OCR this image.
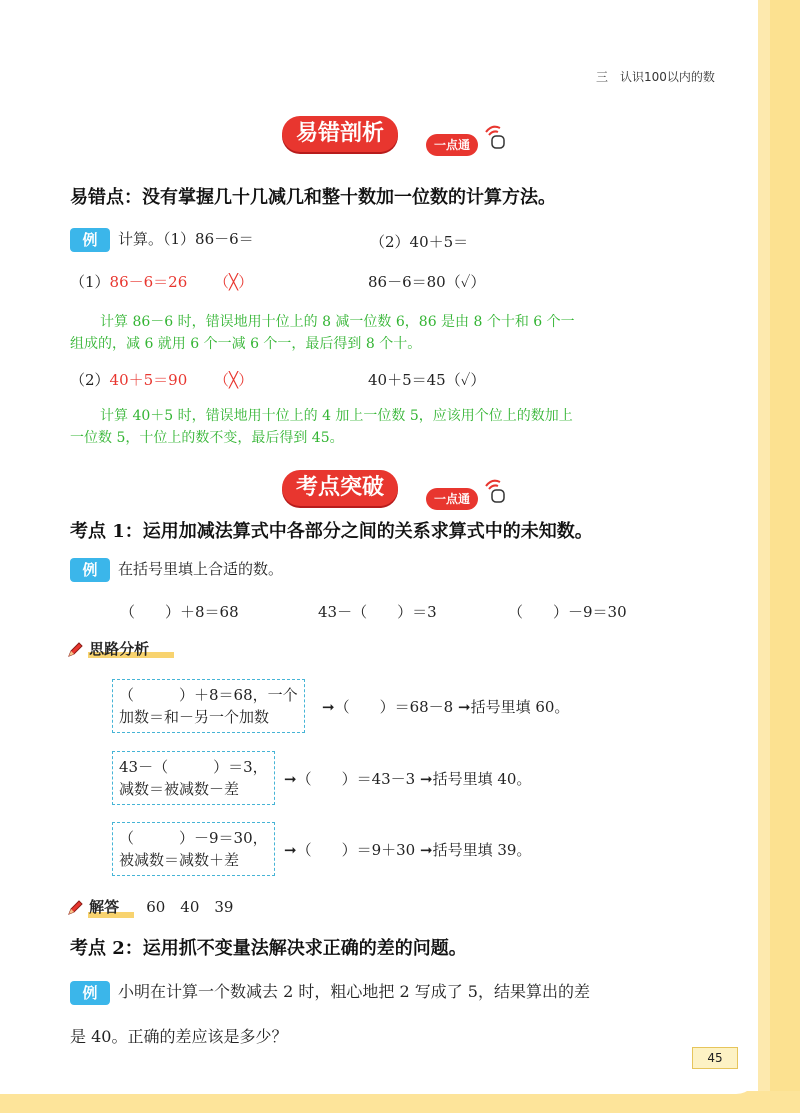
三　认识100以内的数
易错剖析	一点通
易错点：没有掌握几十几减几和整十数加一位数的计算方法。
例 计算。（1）86－6＝	（2）40＋5＝
（1）86－6＝26 （╳）	86－6＝80（✓）
计算 86－6 时，错误地用十位上的 8 减一位数 6，86 是由 8 个十和 6 个一
组成的，减 6 就用 6 个一减 6 个一，最后得到 8 个十。
（2）40＋5＝90 （╳）	40＋5＝45（✓）
计算 40＋5 时，错误地用十位上的 4 加上一位数 5，应该用个位上的数加上
一位数 5，十位上的数不变，最后得到 45。
考点突破	一点通
考点 1：运用加减法算式中各部分之间的关系求算式中的未知数。
例 在括号里填上合适的数。
（　　）＋8＝68	43－（　　）＝3	（　　）－9＝30
思路分析
（　　　）＋8＝68，一个
加数＝和－另一个加数
➞（　　）＝68－8 ➞括号里填 60。
43－（　　　）＝3，
减数＝被减数－差
➞（　　）＝43－3 ➞括号里填 40。
（　　　）－9＝30，
被减数＝减数＋差
➞（　　）＝9＋30 ➞括号里填 39。
解答 60　40　39
考点 2：运用抓不变量法解决求正确的差的问题。
例 小明在计算一个数减去 2 时，粗心地把 2 写成了 5，结果算出的差
是 40。正确的差应该是多少？
45
